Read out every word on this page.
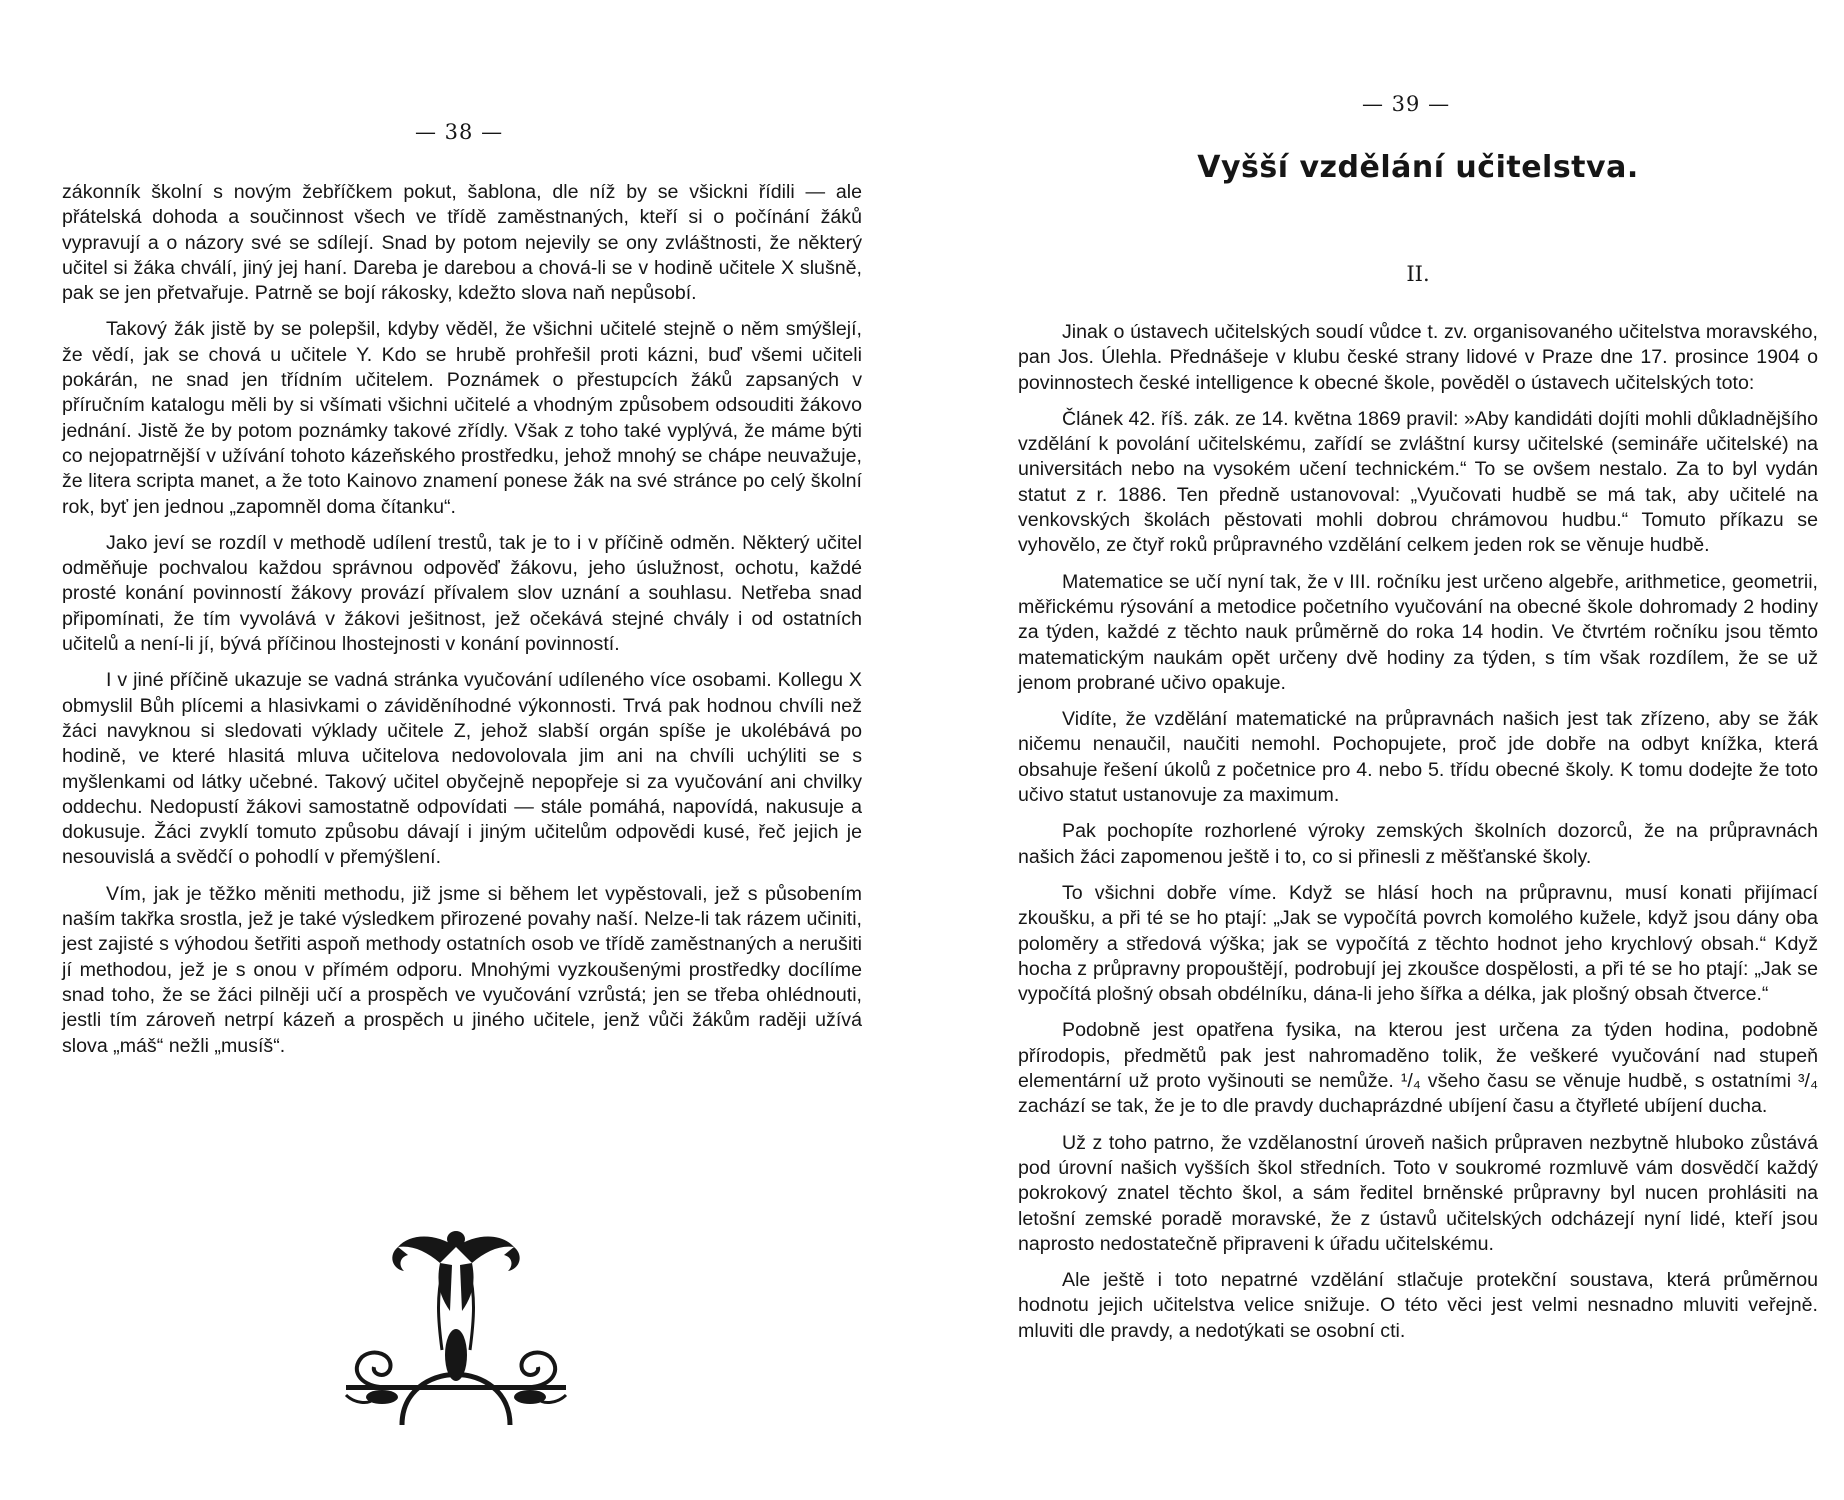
— 38 —

zákonník školní s novým žebříčkem pokut, šablona, dle níž by se všickni řídili — ale přátelská dohoda a součinnost všech ve třídě zaměstnaných, kteří si o počínání žáků vypravují a o názory své se sdílejí. Snad by potom nejevily se ony zvláštnosti, že některý učitel si žáka chválí, jiný jej haní. Dareba je darebou a chová-li se v hodině učitele X slušně, pak se jen přetvařuje. Patrně se bojí rákosky, kdežto slova naň nepůsobí.

Takový žák jistě by se polepšil, kdyby věděl, že všichni učitelé stejně o něm smýšlejí, že vědí, jak se chová u učitele Y. Kdo se hrubě prohřešil proti kázni, buď všemi učiteli pokárán, ne snad jen třídním učitelem. Poznámek o přestupcích žáků zapsaných v příručním katalogu měli by si všímati všichni učitelé a vhodným způsobem odsouditi žákovo jednání. Jistě že by potom poznámky takové zřídly. Však z toho také vyplývá, že máme býti co nejopatrnější v užívání tohoto kázeňského prostředku, jehož mnohý se chápe neuvažuje, že litera scripta manet, a že toto Kainovo znamení ponese žák na své stránce po celý školní rok, byť jen jednou „zapomněl doma čítanku“.

Jako jeví se rozdíl v methodě udílení trestů, tak je to i v příčině odměn. Některý učitel odměňuje pochvalou každou správnou odpověď žákovu, jeho úslužnost, ochotu, každé prosté konání povinností žákovy provází přívalem slov uznání a souhlasu. Netřeba snad připomínati, že tím vyvolává v žákovi ješitnost, jež očekává stejné chvály i od ostatních učitelů a není-li jí, bývá příčinou lhostejnosti v konání povinností.

I v jiné příčině ukazuje se vadná stránka vyučování udíleného více osobami. Kollegu X obmyslil Bůh plícemi a hlasivkami o záviděníhodné výkonnosti. Trvá pak hodnou chvíli než žáci navyknou si sledovati výklady učitele Z, jehož slabší orgán spíše je ukolébává po hodině, ve které hlasitá mluva učitelova nedovolovala jim ani na chvíli uchýliti se s myšlenkami od látky učebné. Takový učitel obyčejně nepopřeje si za vyučování ani chvilky oddechu. Nedopustí žákovi samostatně odpovídati — stále pomáhá, napovídá, nakusuje a dokusuje. Žáci zvyklí tomuto způsobu dávají i jiným učitelům odpovědi kusé, řeč jejich je nesouvislá a svědčí o pohodlí v přemýšlení.

Vím, jak je těžko měniti methodu, již jsme si během let vypěstovali, jež s působením naším takřka srostla, jež je také výsledkem přirozené povahy naší. Nelze-li tak rázem učiniti, jest zajisté s výhodou šetřiti aspoň methody ostatních osob ve třídě zaměstnaných a nerušiti jí methodou, jež je s onou v přímém odporu. Mnohými vyzkoušenými prostředky docílíme snad toho, že se žáci pilněji učí a prospěch ve vyučování vzrůstá; jen se třeba ohlédnouti, jestli tím zároveň netrpí kázeň a prospěch u jiného učitele, jenž vůči žákům raději užívá slova „máš“ nežli „musíš“.

— 39 —
Vyšší vzdělání učitelstva.
II.

Jinak o ústavech učitelských soudí vůdce t. zv. organisovaného učitelstva moravského, pan Jos. Úlehla. Přednášeje v klubu české strany lidové v Praze dne 17. prosince 1904 o povinnostech české intelligence k obecné škole, pověděl o ústavech učitelských toto:

Článek 42. říš. zák. ze 14. května 1869 pravil: »Aby kandidáti dojíti mohli důkladnějšího vzdělání k povolání učitelskému, zařídí se zvláštní kursy učitelské (semináře učitelské) na universitách nebo na vysokém učení technickém.“ To se ovšem nestalo. Za to byl vydán statut z r. 1886. Ten předně ustanovoval: „Vyučovati hudbě se má tak, aby učitelé na venkovských školách pěstovati mohli dobrou chrámovou hudbu.“ Tomuto příkazu se vyhovělo, ze čtyř roků průpravného vzdělání celkem jeden rok se věnuje hudbě.

Matematice se učí nyní tak, že v III. ročníku jest určeno algebře, arithmetice, geometrii, měřickému rýsování a metodice početního vyučování na obecné škole dohromady 2 hodiny za týden, každé z těchto nauk průměrně do roka 14 hodin. Ve čtvrtém ročníku jsou těmto matematickým naukám opět určeny dvě hodiny za týden, s tím však rozdílem, že se už jenom probrané učivo opakuje.

Vidíte, že vzdělání matematické na průpravnách našich jest tak zřízeno, aby se žák ničemu nenaučil, naučiti nemohl. Pochopujete, proč jde dobře na odbyt knížka, která obsahuje řešení úkolů z početnice pro 4. nebo 5. třídu obecné školy. K tomu dodejte že toto učivo statut ustanovuje za maximum.

Pak pochopíte rozhorlené výroky zemských školních dozorců, že na průpravnách našich žáci zapomenou ještě i to, co si přinesli z měšťanské školy.

To všichni dobře víme. Když se hlásí hoch na průpravnu, musí konati přijímací zkoušku, a při té se ho ptají: „Jak se vypočítá povrch komolého kužele, když jsou dány oba poloměry a středová výška; jak se vypočítá z těchto hodnot jeho krychlový obsah.“ Když hocha z průpravny propouštějí, podrobují jej zkoušce dospělosti, a při té se ho ptají: „Jak se vypočítá plošný obsah obdélníku, dána-li jeho šířka a délka, jak plošný obsah čtverce.“

Podobně jest opatřena fysika, na kterou jest určena za týden hodina, podobně přírodopis, předmětů pak jest nahromaděno tolik, že veškeré vyučování nad stupeň elementární už proto vyšinouti se nemůže. ¹/₄ všeho času se věnuje hudbě, s ostatními ³/₄ zachází se tak, že je to dle pravdy duchaprázdné ubíjení času a čtyřleté ubíjení ducha.

Už z toho patrno, že vzdělanostní úroveň našich průpraven nezbytně hluboko zůstává pod úrovní našich vyšších škol středních. Toto v soukromé rozmluvě vám dosvědčí každý pokrokový znatel těchto škol, a sám ředitel brněnské průpravny byl nucen prohlásiti na letošní zemské poradě moravské, že z ústavů učitelských odcházejí nyní lidé, kteří jsou naprosto nedostatečně připraveni k úřadu učitelskému.

Ale ještě i toto nepatrné vzdělání stlačuje protekční soustava, která průměrnou hodnotu jejich učitelstva velice snižuje. O této věci jest velmi nesnadno mluviti veřejně. mluviti dle pravdy, a nedotýkati se osobní cti.
